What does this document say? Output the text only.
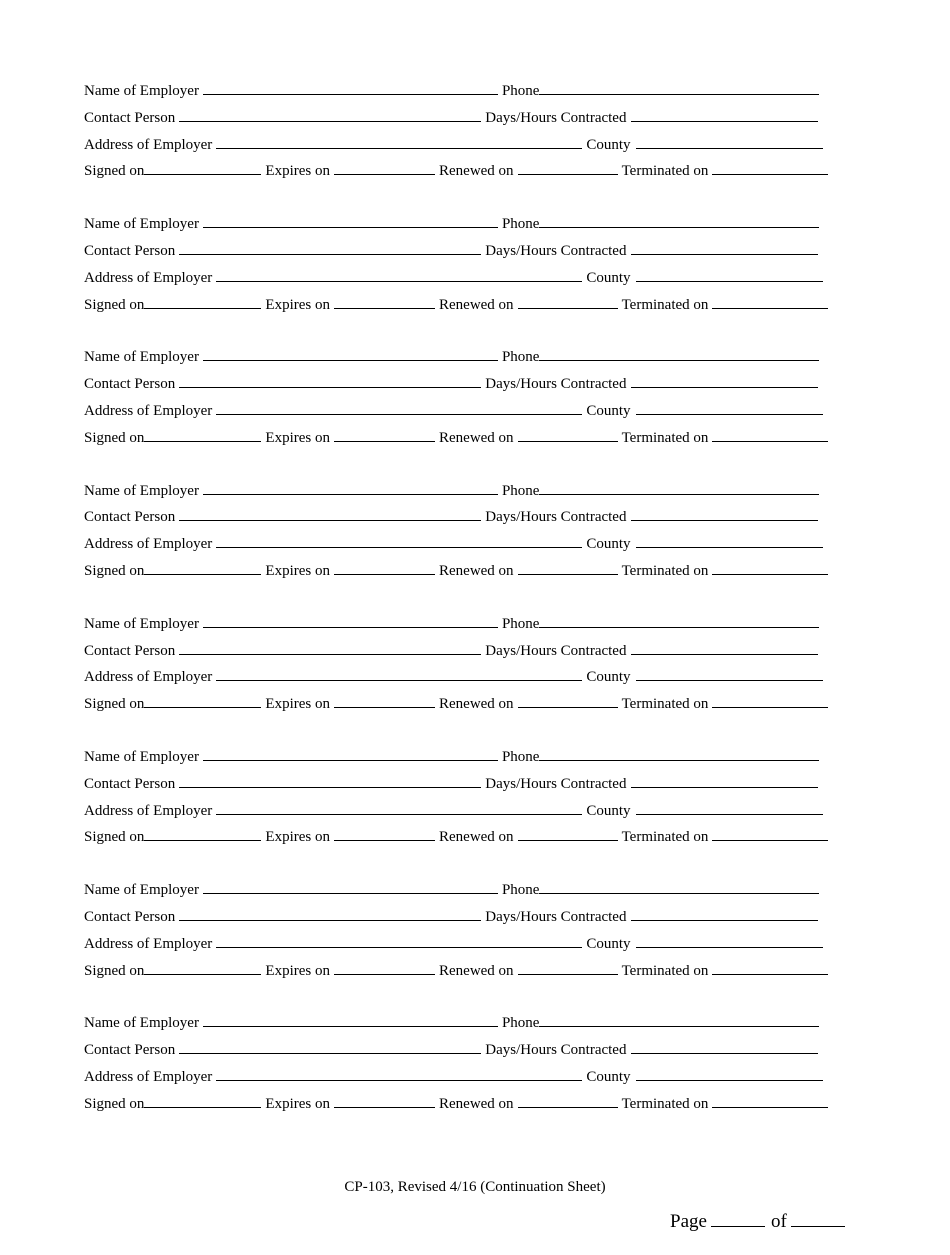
Name of Employer	Phone
Contact Person	Days/Hours Contracted
Address of Employer	County
Signed on	Expires on	Renewed on	Terminated on
Name of Employer	Phone
Contact Person	Days/Hours Contracted
Address of Employer	County
Signed on	Expires on	Renewed on	Terminated on
Name of Employer	Phone
Contact Person	Days/Hours Contracted
Address of Employer	County
Signed on	Expires on	Renewed on	Terminated on
Name of Employer	Phone
Contact Person	Days/Hours Contracted
Address of Employer	County
Signed on	Expires on	Renewed on	Terminated on
Name of Employer	Phone
Contact Person	Days/Hours Contracted
Address of Employer	County
Signed on	Expires on	Renewed on	Terminated on
Name of Employer	Phone
Contact Person	Days/Hours Contracted
Address of Employer	County
Signed on	Expires on	Renewed on	Terminated on
Name of Employer	Phone
Contact Person	Days/Hours Contracted
Address of Employer	County
Signed on	Expires on	Renewed on	Terminated on
Name of Employer	Phone
Contact Person	Days/Hours Contracted
Address of Employer	County
Signed on	Expires on	Renewed on	Terminated on
CP-103, Revised 4/16 (Continuation Sheet)
Page	of
